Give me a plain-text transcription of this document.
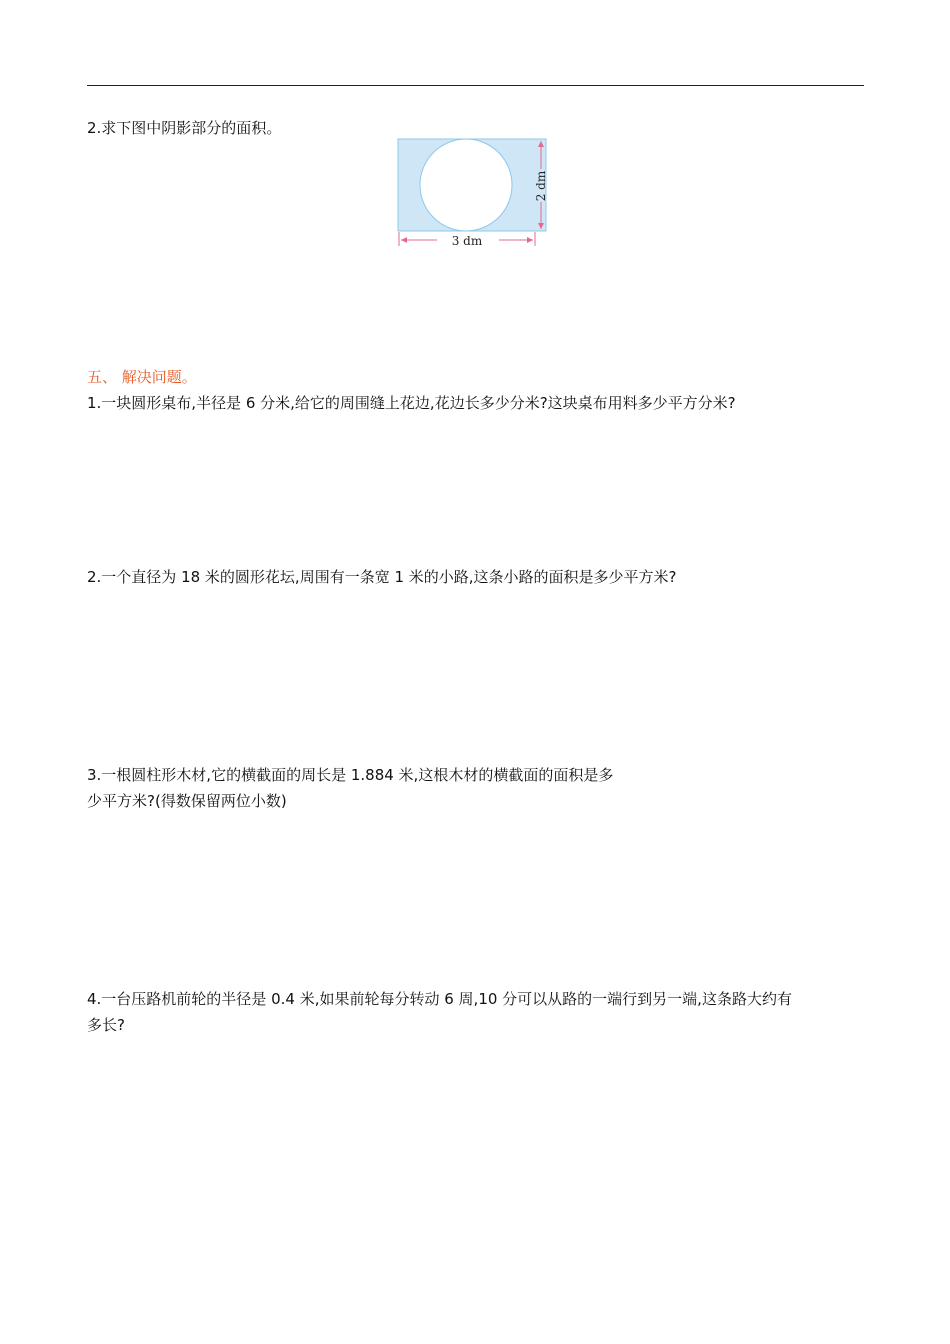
2.求下图中阴影部分的面积。
3 dm
2 dm
五、 解决问题。
1.一块圆形桌布,半径是 6 分米,给它的周围缝上花边,花边长多少分米?这块桌布用料多少平方分米?
2.一个直径为 18 米的圆形花坛,周围有一条宽 1 米的小路,这条小路的面积是多少平方米?
3.一根圆柱形木材,它的横截面的周长是 1.884 米,这根木材的横截面的面积是多
少平方米?(得数保留两位小数)
4.一台压路机前轮的半径是 0.4 米,如果前轮每分转动 6 周,10 分可以从路的一端行到另一端,这条路大约有
多长?
